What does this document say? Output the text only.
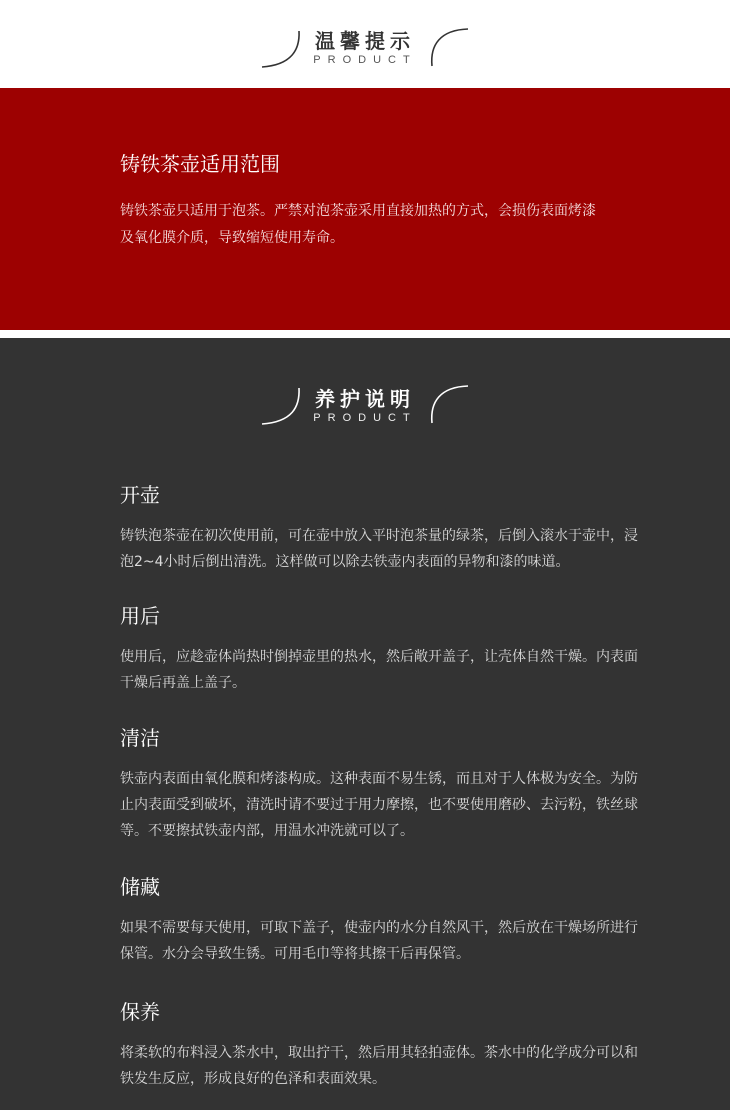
温馨提示
PRODUCT
铸铁茶壶适用范围
铸铁茶壶只适用于泡茶。严禁对泡茶壶采用直接加热的方式，会损伤表面烤漆及氧化膜介质，导致缩短使用寿命。
养护说明
PRODUCT
开壶

铸铁泡茶壶在初次使用前，可在壶中放入平时泡茶量的绿茶，后倒入滚水于壶中，浸泡2~4小时后倒出清洗。这样做可以除去铁壶内表面的异物和漆的味道。

用后

使用后，应趁壶体尚热时倒掉壶里的热水，然后敞开盖子，让壳体自然干燥。内表面干燥后再盖上盖子。

清洁

铁壶内表面由氧化膜和烤漆构成。这种表面不易生锈，而且对于人体极为安全。为防止内表面受到破坏，清洗时请不要过于用力摩擦，也不要使用磨砂、去污粉，铁丝球等。不要擦拭铁壶内部，用温水冲洗就可以了。

储藏

如果不需要每天使用，可取下盖子，使壶内的水分自然风干，然后放在干燥场所进行保管。水分会导致生锈。可用毛巾等将其擦干后再保管。

保养

将柔软的布料浸入茶水中，取出拧干，然后用其轻拍壶体。茶水中的化学成分可以和铁发生反应，形成良好的色泽和表面效果。
